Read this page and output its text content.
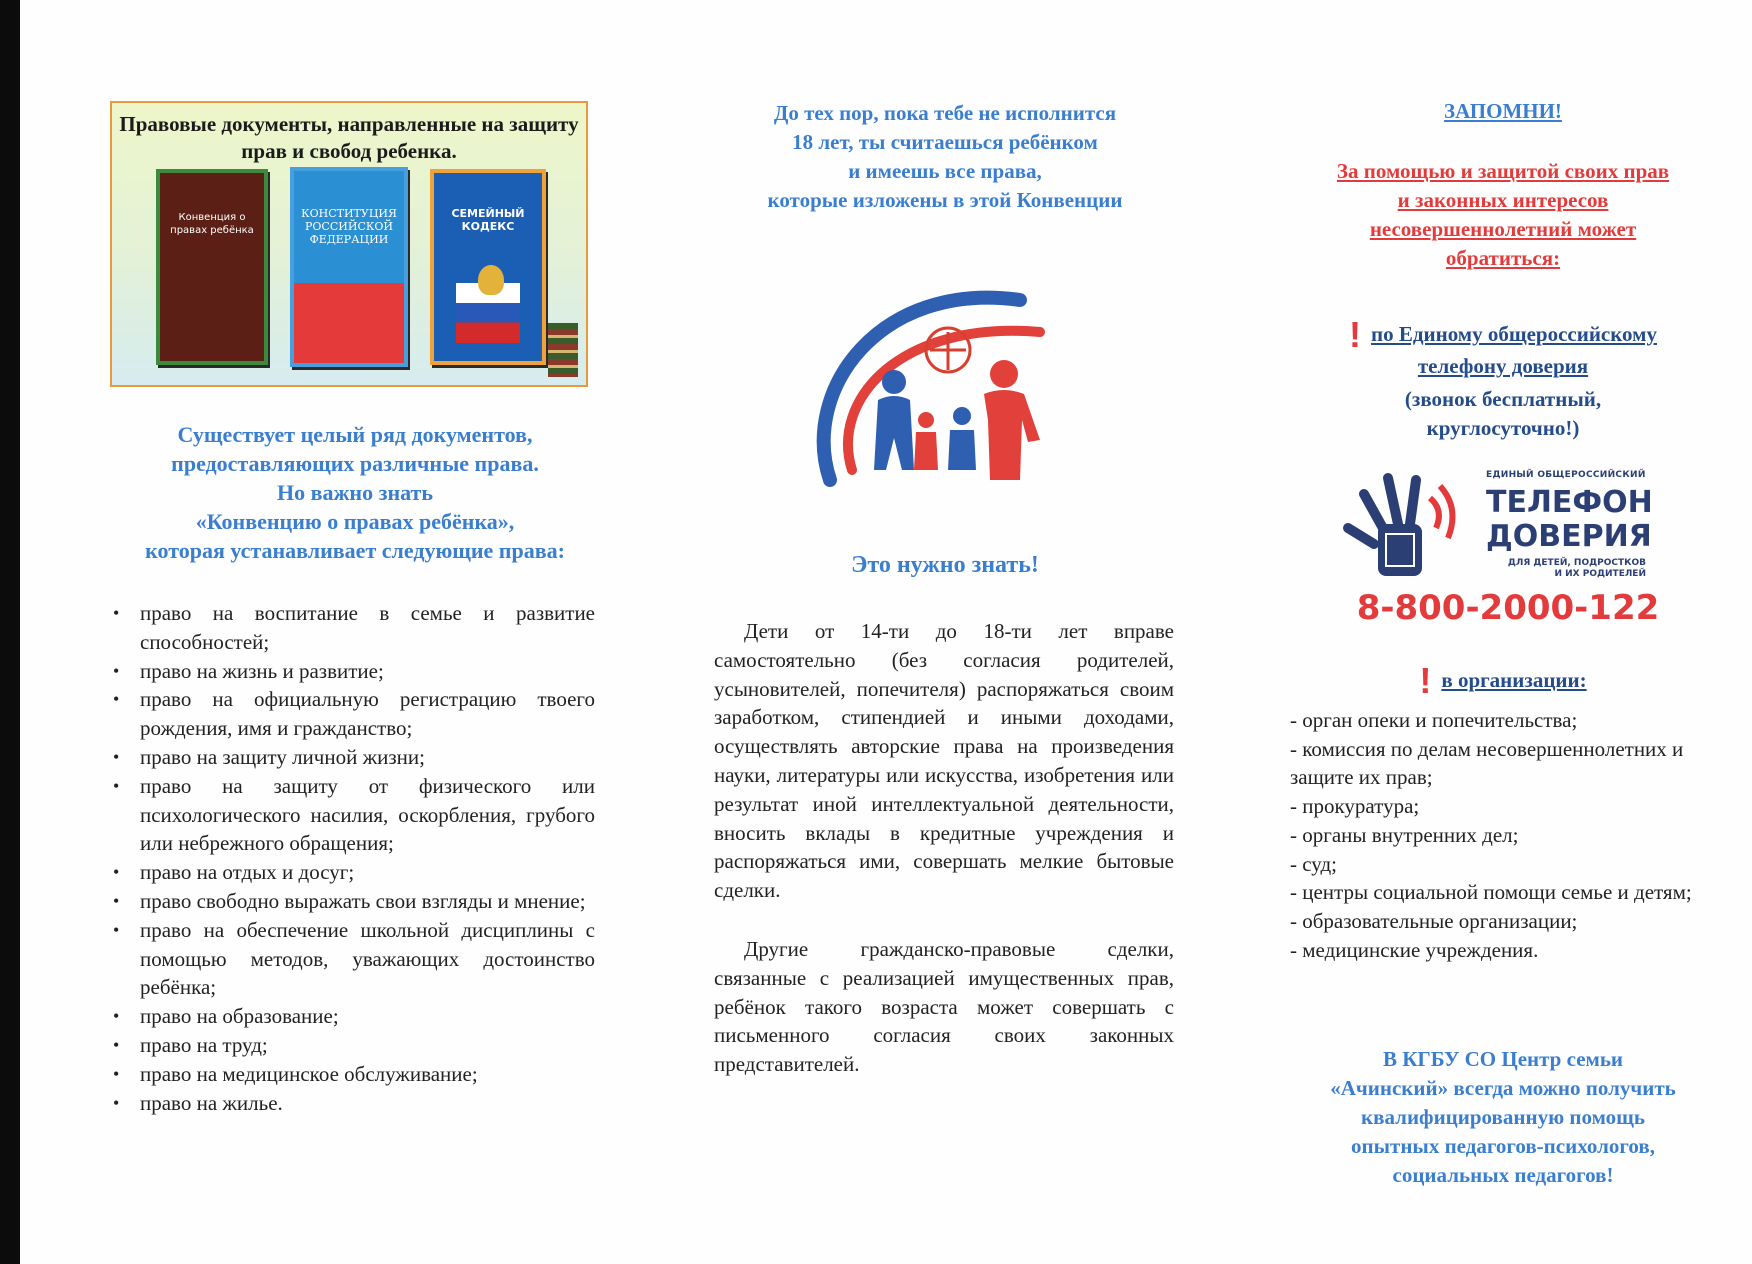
Правовые документы, направленные на защиту прав и свобод ребенка.
Конвенция о правах ребёнка
КОНСТИТУЦИЯ РОССИЙСКОЙ ФЕДЕРАЦИИ
СЕМЕЙНЫЙ КОДЕКС
Существует целый ряд документов,
предоставляющих различные права.
Но важно знать
«Конвенцию о правах ребёнка»,
которая устанавливает следующие права:
• право на воспитание в семье и развитие способностей;
• право на жизнь и развитие;
• право на официальную регистрацию твоего рождения, имя и гражданство;
• право на защиту личной жизни;
• право на защиту от физического или психологического насилия, оскорбления, грубого или небрежного обращения;
• право на отдых и досуг;
• право свободно выражать свои взгляды и мнение;
• право на обеспечение школьной дисциплины с помощью методов, уважающих достоинство ребёнка;
• право на образование;
• право на труд;
• право на медицинское обслуживание;
• право на жилье.
До тех пор, пока тебе не исполнится
18 лет, ты считаешься ребёнком
и имеешь все права,
которые изложены в этой Конвенции
Это нужно знать!

Дети от 14-ти до 18-ти лет вправе самостоятельно (без согласия родителей, усыновителей, попечителя) распоряжаться своим заработком, стипендией и иными доходами, осуществлять авторские права на произведения науки, литературы или искусства, изобретения или результат иной интеллектуальной деятельности, вносить вклады в кредитные учреждения и распоряжаться ими, совершать мелкие бытовые сделки.

Другие гражданско-правовые сделки, связанные с реализацией имущественных прав, ребёнок такого возраста может совершать с письменного согласия своих законных представителей.

ЗАПОМНИ!
За помощью и защитой своих прав
и законных интересов
несовершеннолетний может
обратиться:
! по Единому общероссийскому
телефону доверия
(звонок бесплатный,
круглосуточно!)
ЕДИНЫЙ ОБЩЕРОССИЙСКИЙ
ТЕЛЕФОН
ДОВЕРИЯ
ДЛЯ ДЕТЕЙ, ПОДРОСТКОВ
И ИХ РОДИТЕЛЕЙ
8-800-2000-122
! в организации:
- орган опеки и попечительства;
- комиссия по делам несовершеннолетних и защите их прав;
- прокуратура;
- органы внутренних дел;
- суд;
- центры социальной помощи семье и детям;
- образовательные организации;
- медицинские учреждения.
В КГБУ СО Центр семьи
«Ачинский» всегда можно получить
квалифицированную помощь
опытных педагогов-психологов,
социальных педагогов!
